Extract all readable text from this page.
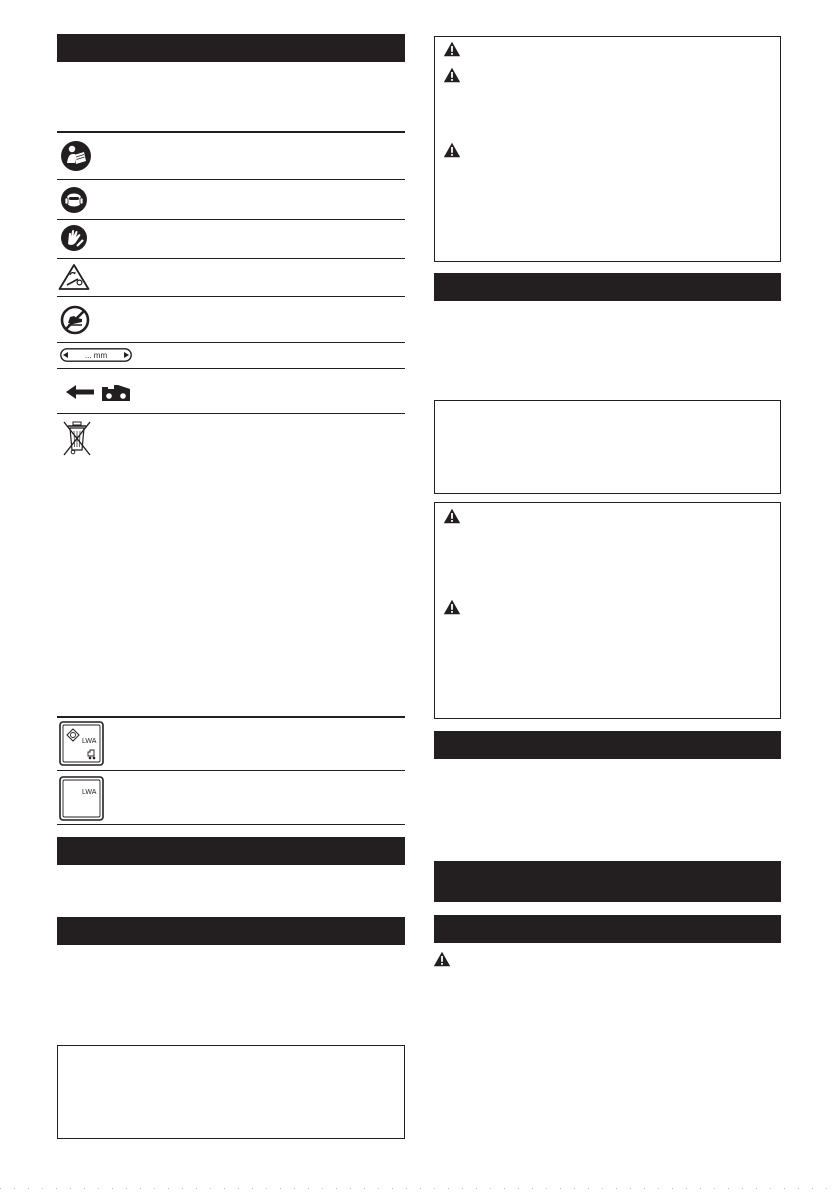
... mm
LWA
LWA
